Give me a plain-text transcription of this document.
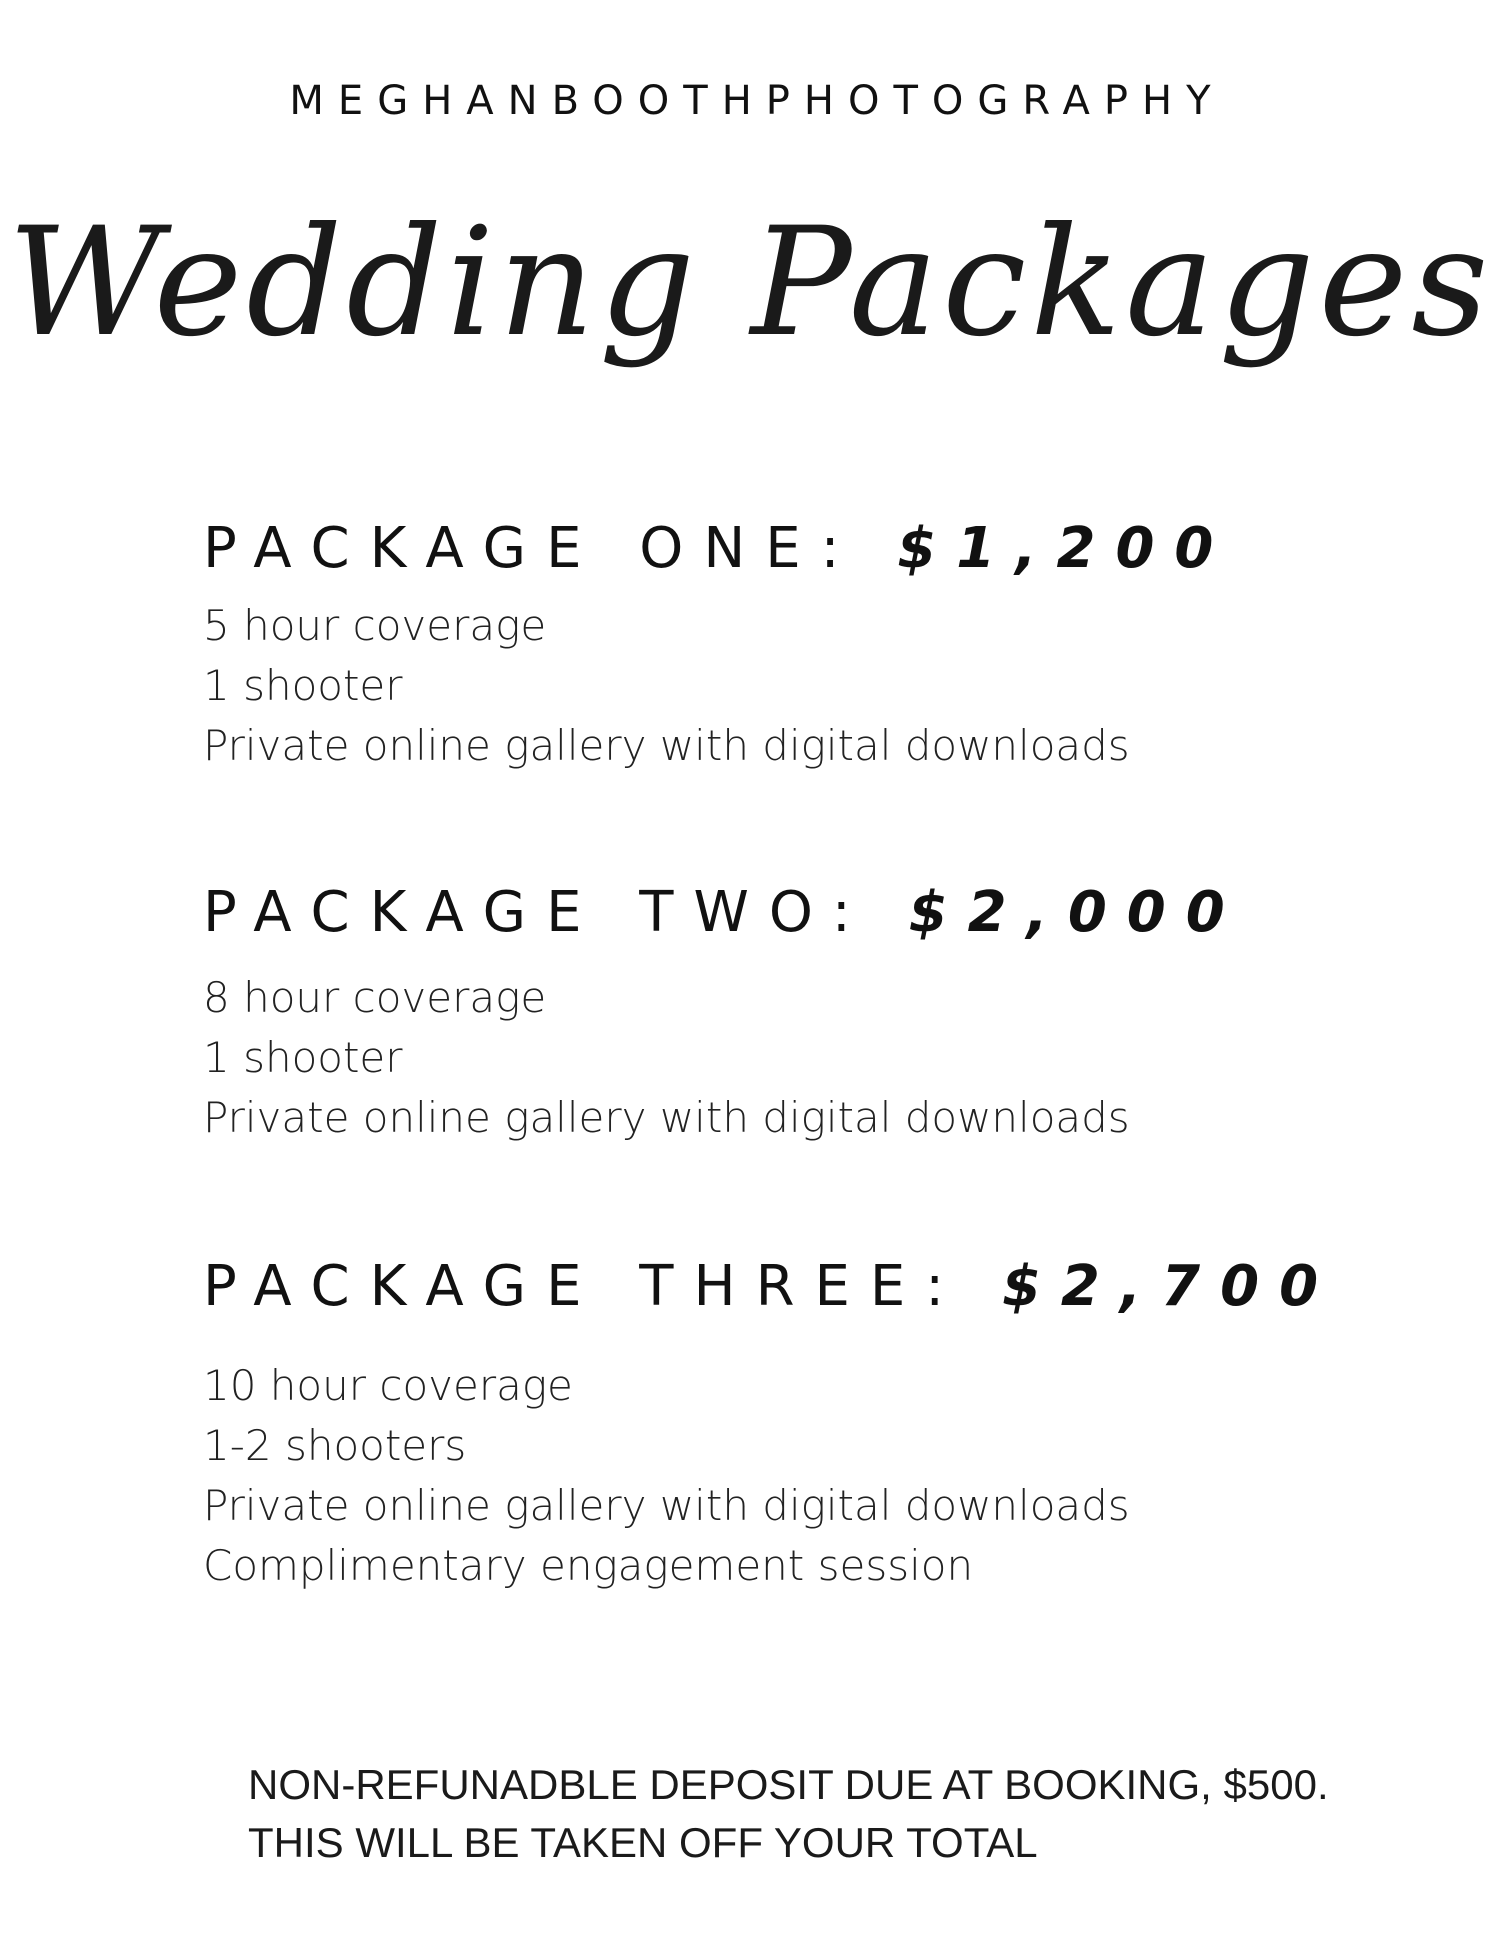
MEGHANBOOTHPHOTOGRAPHY
Wedding Packages
PACKAGE ONE: $1,200
5 hour coverage
1 shooter
Private online gallery with digital downloads
PACKAGE TWO: $2,000
8 hour coverage
1 shooter
Private online gallery with digital downloads
PACKAGE THREE: $2,700
10 hour coverage
1-2 shooters
Private online gallery with digital downloads
Complimentary engagement session
NON-REFUNADBLE DEPOSIT DUE AT BOOKING, $500.
THIS WILL BE TAKEN OFF YOUR TOTAL
